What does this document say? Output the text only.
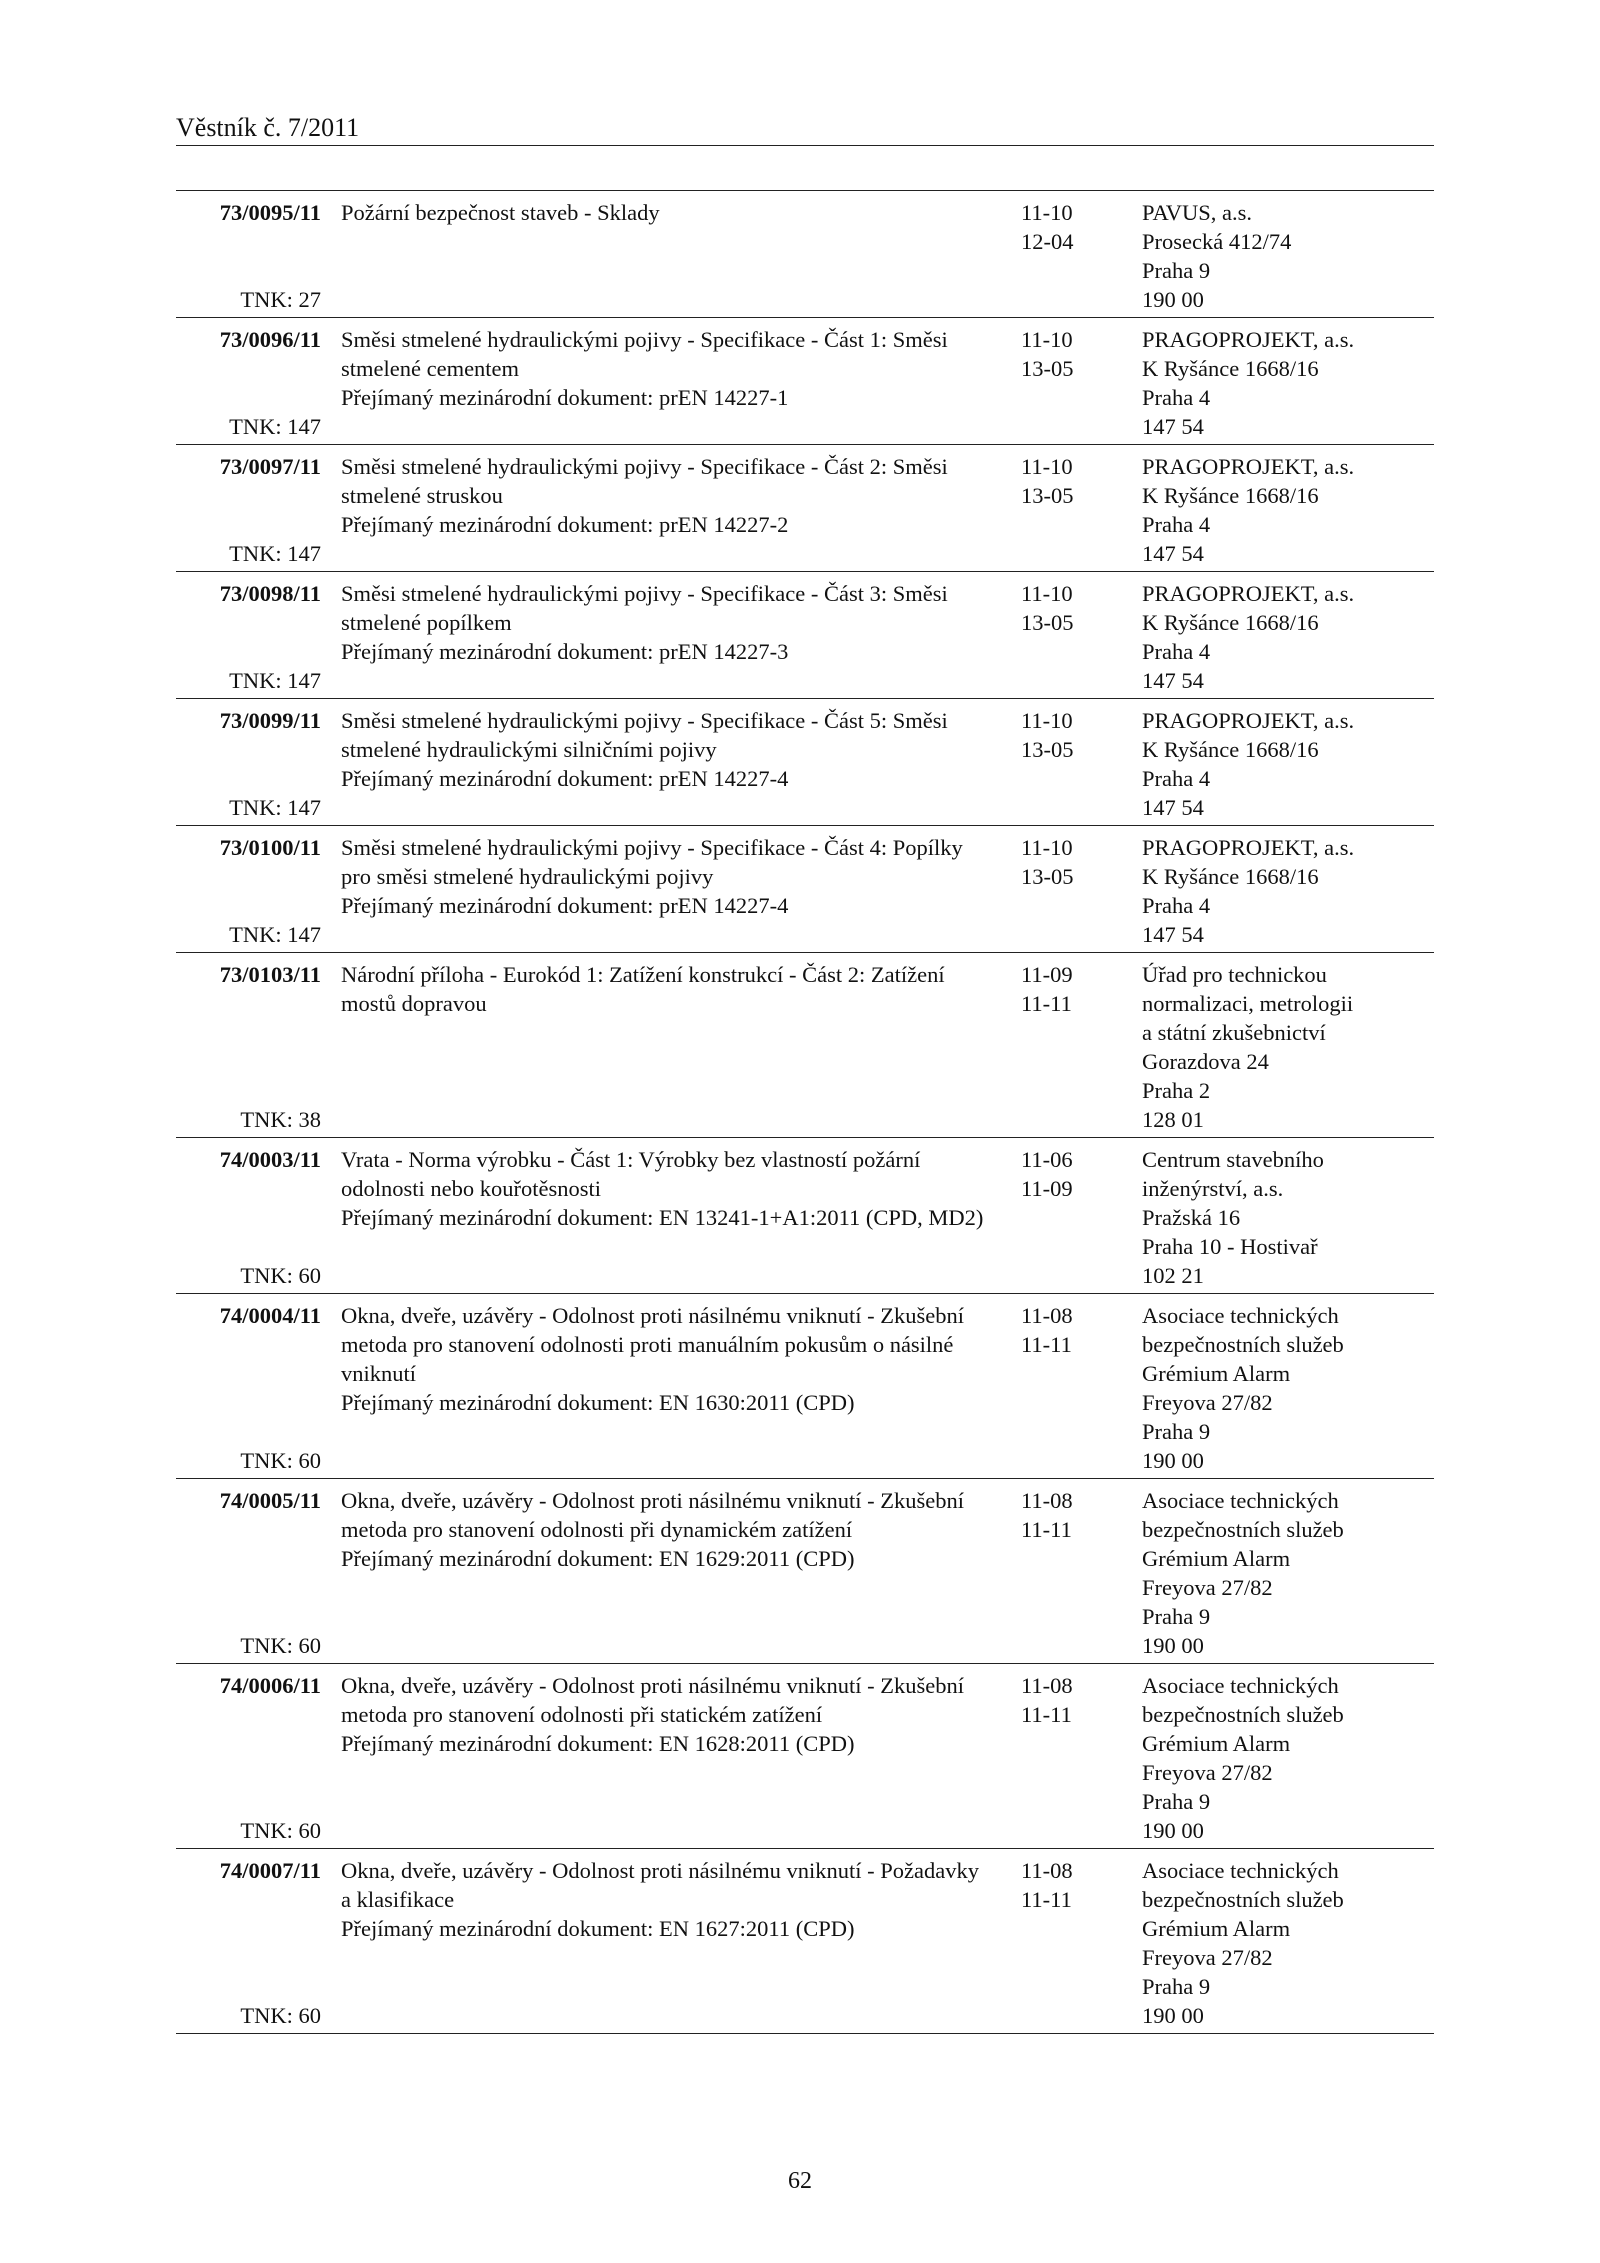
Věstník č. 7/2011
73/0095/11
TNK: 27
Požární bezpečnost staveb - Sklady	11-10
12-04
PAVUS, a.s.
Prosecká 412/74
Praha 9
190 00
73/0096/11
TNK: 147
Směsi stmelené hydraulickými pojivy - Specifikace - Část 1: Směsi
stmelené cementem
Přejímaný mezinárodní dokument: prEN 14227-1
11-10
13-05
PRAGOPROJEKT, a.s.
K Ryšánce 1668/16
Praha 4
147 54
73/0097/11
TNK: 147
Směsi stmelené hydraulickými pojivy - Specifikace - Část 2: Směsi
stmelené struskou
Přejímaný mezinárodní dokument: prEN 14227-2
11-10
13-05
PRAGOPROJEKT, a.s.
K Ryšánce 1668/16
Praha 4
147 54
73/0098/11
TNK: 147
Směsi stmelené hydraulickými pojivy - Specifikace - Část 3: Směsi
stmelené popílkem
Přejímaný mezinárodní dokument: prEN 14227-3
11-10
13-05
PRAGOPROJEKT, a.s.
K Ryšánce 1668/16
Praha 4
147 54
73/0099/11
TNK: 147
Směsi stmelené hydraulickými pojivy - Specifikace - Část 5: Směsi
stmelené hydraulickými silničními pojivy
Přejímaný mezinárodní dokument: prEN 14227-4
11-10
13-05
PRAGOPROJEKT, a.s.
K Ryšánce 1668/16
Praha 4
147 54
73/0100/11
TNK: 147
Směsi stmelené hydraulickými pojivy - Specifikace - Část 4: Popílky
pro směsi stmelené hydraulickými pojivy
Přejímaný mezinárodní dokument: prEN 14227-4
11-10
13-05
PRAGOPROJEKT, a.s.
K Ryšánce 1668/16
Praha 4
147 54
73/0103/11
TNK: 38
Národní příloha - Eurokód 1: Zatížení konstrukcí - Část 2: Zatížení
mostů dopravou
11-09
11-11
Úřad pro technickou
normalizaci, metrologii
a státní zkušebnictví
Gorazdova 24
Praha 2
128 01
74/0003/11
TNK: 60
Vrata - Norma výrobku - Část 1: Výrobky bez vlastností požární
odolnosti nebo kouřotěsnosti
Přejímaný mezinárodní dokument: EN 13241-1+A1:2011 (CPD, MD2)
11-06
11-09
Centrum stavebního
inženýrství, a.s.
Pražská 16
Praha 10 - Hostivař
102 21
74/0004/11
TNK: 60
Okna, dveře, uzávěry - Odolnost proti násilnému vniknutí - Zkušební
metoda pro stanovení odolnosti proti manuálním pokusům o násilné
vniknutí
Přejímaný mezinárodní dokument: EN 1630:2011 (CPD)
11-08
11-11
Asociace technických
bezpečnostních služeb
Grémium Alarm
Freyova 27/82
Praha 9
190 00
74/0005/11
TNK: 60
Okna, dveře, uzávěry - Odolnost proti násilnému vniknutí - Zkušební
metoda pro stanovení odolnosti při dynamickém zatížení
Přejímaný mezinárodní dokument: EN 1629:2011 (CPD)
11-08
11-11
Asociace technických
bezpečnostních služeb
Grémium Alarm
Freyova 27/82
Praha 9
190 00
74/0006/11
TNK: 60
Okna, dveře, uzávěry - Odolnost proti násilnému vniknutí - Zkušební
metoda pro stanovení odolnosti při statickém zatížení
Přejímaný mezinárodní dokument: EN 1628:2011 (CPD)
11-08
11-11
Asociace technických
bezpečnostních služeb
Grémium Alarm
Freyova 27/82
Praha 9
190 00
74/0007/11
TNK: 60
Okna, dveře, uzávěry - Odolnost proti násilnému vniknutí - Požadavky
a klasifikace
Přejímaný mezinárodní dokument: EN 1627:2011 (CPD)
11-08
11-11
Asociace technických
bezpečnostních služeb
Grémium Alarm
Freyova 27/82
Praha 9
190 00
62
